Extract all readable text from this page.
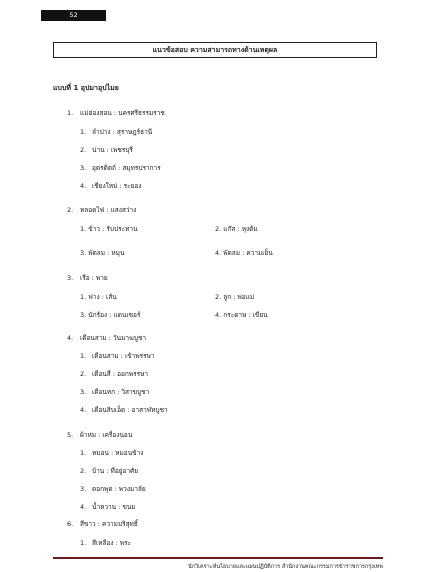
52
แนวข้อสอบ ความสามารถทางด้านเหตุผล
แบบที่ 1 อุปมาอุปไมย
1. แม่ฮ่องสอน : นครศรีธรรมราช
1. ลำปาง : สุราษฎร์ธานี
2. น่าน : เพชรบุรี
3. อุตรดิตถ์ : สมุทรปราการ
4. เชียงใหม่ : ระยอง
2. หลอดไฟ : แสงสว่าง
1. ข้าว : รับประทาน	2. แก๊ส : หุงต้ม
3. พัดลม : หมุน	4. พัดลม : ความเย็น
3. เรือ : พาย
1. ฟาง : เส้น	2. ลูก : พ่อแม่
3. นักร้อง : แดนเซอร์	4. กระดาษ : เขียน
4. เดือนสาม : วันมาฆบูชา
1. เดือนสาม : เข้าพรรษา
2. เดือนสี่ : ออกพรรษา
3. เดือนหก : วิสาขบูชา
4. เดือนสิบเอ็ด : อาสาฬหบูชา
5. ผ้าห่ม : เครื่องนอน
1. หมอน : หมอนข้าง
2. บ้าน : ที่อยู่อาศัย
3. ดอกพุด : พวงมาลัย
4. น้ำหวาน : ขนม
6. สีขาว : ความบริสุทธิ์
1. สีเหลือง : พระ
นักวิเคราะห์นโยบายและแผนปฏิบัติการ สำนักงานคณะกรรมการข้าราชการกรุงเทพ
